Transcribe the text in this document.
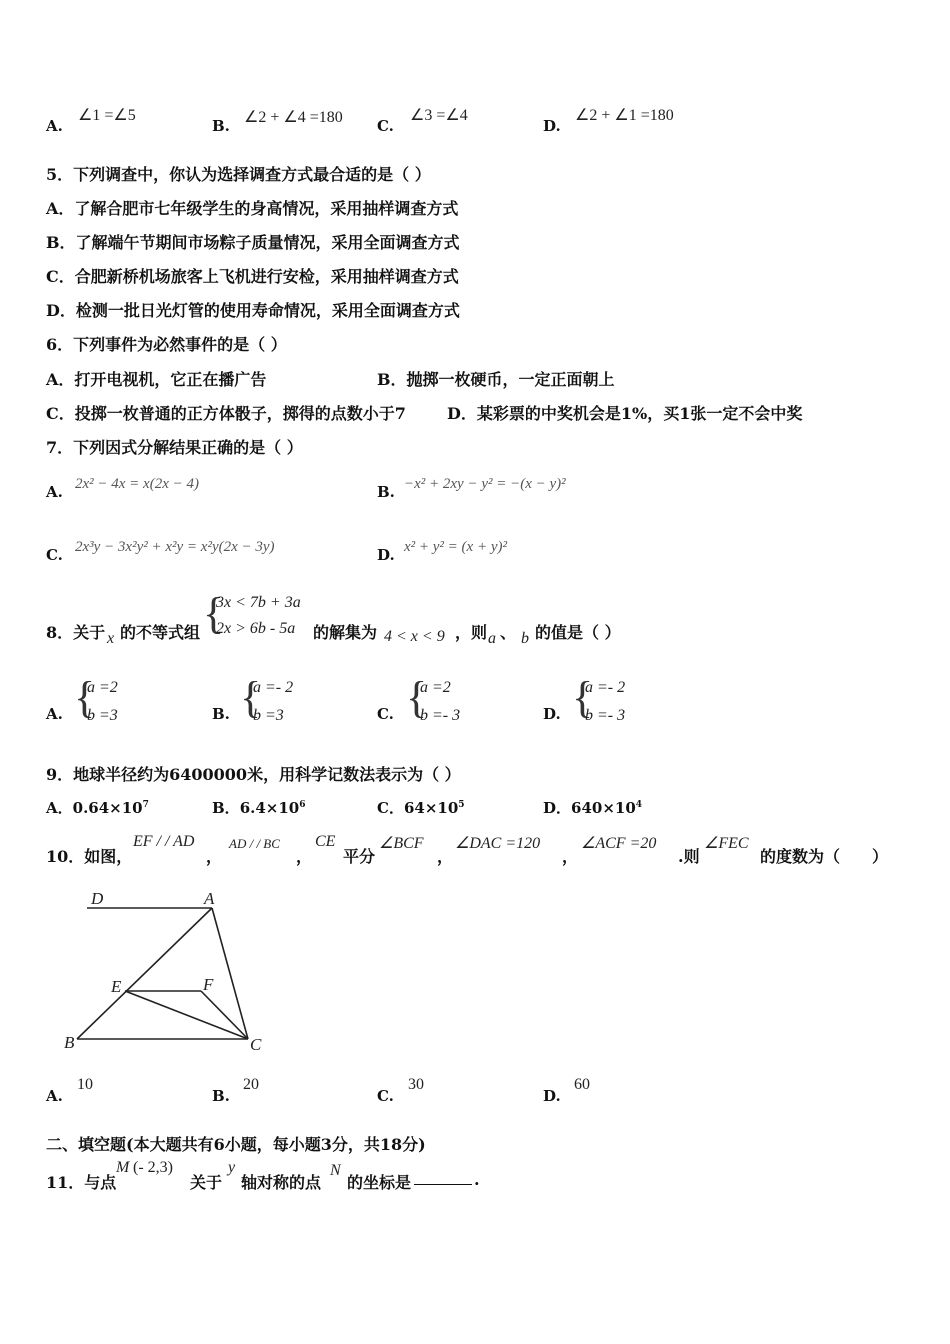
A.
∠1 =∠5
B. ∠2 + ∠4 =180 C.
∠3 =∠4
D.
∠2 + ∠1 =180
5．下列调查中，你认为选择调查方式最合适的是（ ）
A．了解合肥市七年级学生的身高情况，采用抽样调查方式
B．了解端午节期间市场粽子质量情况，采用全面调查方式
C．合肥新桥机场旅客上飞机进行安检，采用抽样调查方式
D．检测一批日光灯管的使用寿命情况，采用全面调查方式
6．下列事件为必然事件的是（ ）
A．打开电视机，它正在播广告	B．抛掷一枚硬币，一定正面朝上
C．投掷一枚普通的正方体骰子，掷得的点数小于7	D．某彩票的中奖机会是1%，买1张一定不会中奖
7．下列因式分解结果正确的是（ ）
A. 2x² − 4x = x(2x − 4)	B. −x² + 2xy − y² = −(x − y)²
C. 2x³y − 3x²y² + x²y = x²y(2x − 3y)	D. x² + y² = (x + y)²
8．关于 x 的不等式组 {
3x < 7b + 3a
2x > 6b - 5a 的解集为 4 < x < 9 ，则 a 、 b 的值是（ ）
A. {
a =2
b =3	B. {
a =- 2
b =3	C. {
a =2
b =- 3	D. {
a =- 2
b =- 3
9．地球半径约为6400000米，用科学记数法表示为（ ）
A．$0.64\times 10^7$	B．$6.4\times 10^6$	C．$64\times 10^5$	D．$640\times 10^4$
10．如图，
EF / / AD
，
AD / / BC
，
CE
平分
∠BCF
，
∠DAC =120
，
∠ACF =20
.则
∠FEC
的度数为（　　）
D	A
E	F
B	C
A.
10
B.
20
C.
30
D.
60
二、填空题(本大题共有6小题，每小题3分，共18分)
11．与点
M (- 2,3)
关于
y
轴对称的点
N
的坐标是	.
